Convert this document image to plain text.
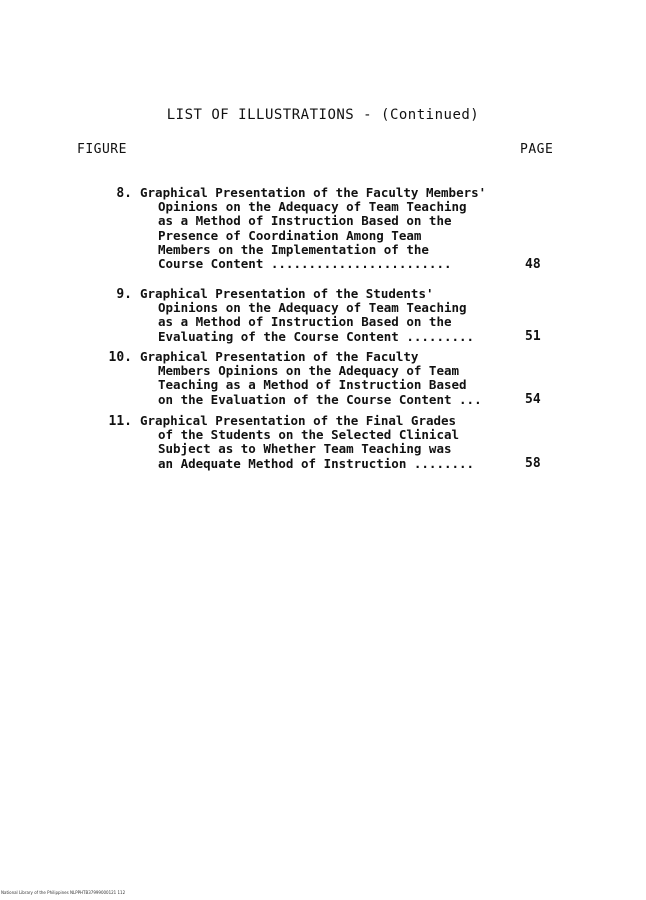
LIST OF ILLUSTRATIONS - (Continued)
FIGURE	PAGE
8. Graphical Presentation of the Faculty Members'
Opinions on the Adequacy of Team Teaching
as a Method of Instruction Based on the
Presence of Coordination Among Team
Members on the Implementation of the
Course Content ........................	48
9. Graphical Presentation of the Students'
Opinions on the Adequacy of Team Teaching
as a Method of Instruction Based on the
Evaluating of the Course Content .........	51
10. Graphical Presentation of the Faculty
Members Opinions on the Adequacy of Team
Teaching as a Method of Instruction Based
on the Evaluation of the Course Content ...	54
11. Graphical Presentation of the Final Grades
of the Students on the Selected Clinical
Subject as to Whether Team Teaching was
an Adequate Method of Instruction ........	58
National Library of the Philippines NLPPHTB37999000121 112
